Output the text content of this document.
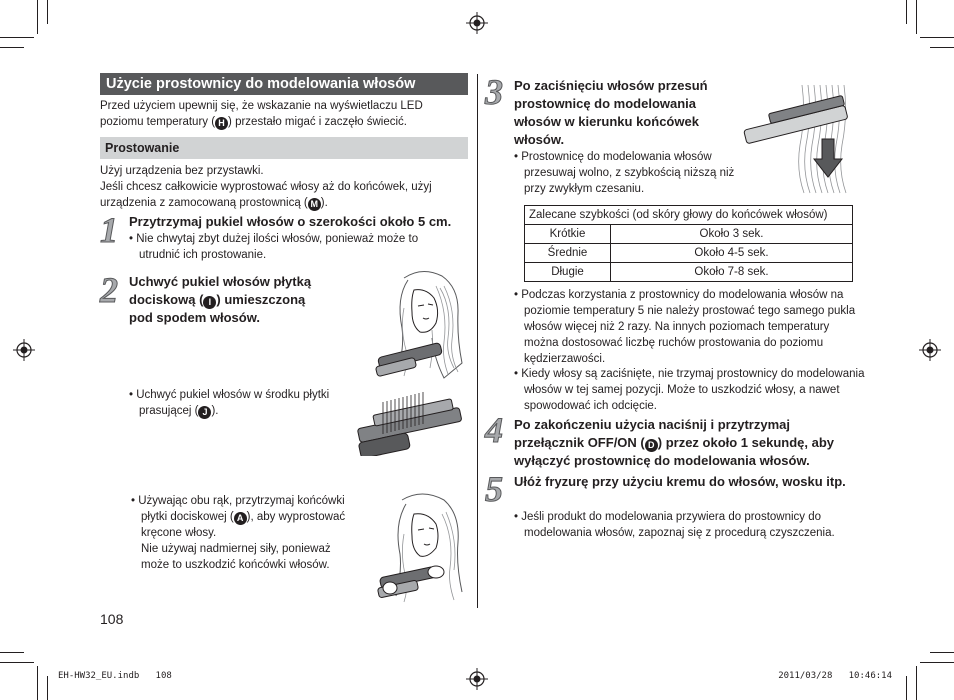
Użycie prostownicy do modelowania włosów
Przed użyciem upewnij się, że wskazanie na wyświetlaczu LED poziomu temperatury ( H ) przestało migać i zaczęło świecić.
Prostowanie
Użyj urządzenia bez przystawki.
Jeśli chcesz całkowicie wyprostować włosy aż do końcówek, użyj urządzenia z zamocowaną prostownicą ( M ).
1 Przytrzymaj pukiel włosów o szerokości około 5 cm.
• Nie chwytaj zbyt dużej ilości włosów, ponieważ może to utrudnić ich prostowanie.
2 Uchwyć pukiel włosów płytką dociskową ( I ) umieszczoną pod spodem włosów.
• Uchwyć pukiel włosów w środku płytki prasującej ( J ).
• Używając obu rąk, przytrzymaj końcówki płytki dociskowej ( A ), aby wyprostować kręcone włosy.
Nie używaj nadmiernej siły, ponieważ może to uszkodzić końcówki włosów.
108
3 Po zaciśnięciu włosów przesuń prostownicę do modelowania włosów w kierunku końcówek włosów.
• Prostownicę do modelowania włosów przesuwaj wolno, z szybkością niższą niż przy zwykłym czesaniu.
Zalecane szybkości (od skóry głowy do końcówek włosów)	
Krótkie	Około 3 sek.
Średnie	Około 4-5 sek.
Długie	Około 7-8 sek.
• Podczas korzystania z prostownicy do modelowania włosów na poziomie temperatury 5 nie należy prostować tego samego pukla włosów więcej niż 2 razy. Na innych poziomach temperatury można dostosować liczbę ruchów prostowania do poziomu kędzierzawości.
• Kiedy włosy są zaciśnięte, nie trzymaj prostownicy do modelowania włosów w tej samej pozycji. Może to uszkodzić włosy, a nawet spowodować ich odcięcie.
4 Po zakończeniu użycia naciśnij i przytrzymaj przełącznik OFF/ON ( D ) przez około 1 sekundę, aby wyłączyć prostownicę do modelowania włosów.
5 Ułóż fryzurę przy użyciu kremu do włosów, wosku itp.
• Jeśli produkt do modelowania przywiera do prostownicy do modelowania włosów, zapoznaj się z procedurą czyszczenia.
EH-HW32_EU.indb   108	2011/03/28   10:46:14
